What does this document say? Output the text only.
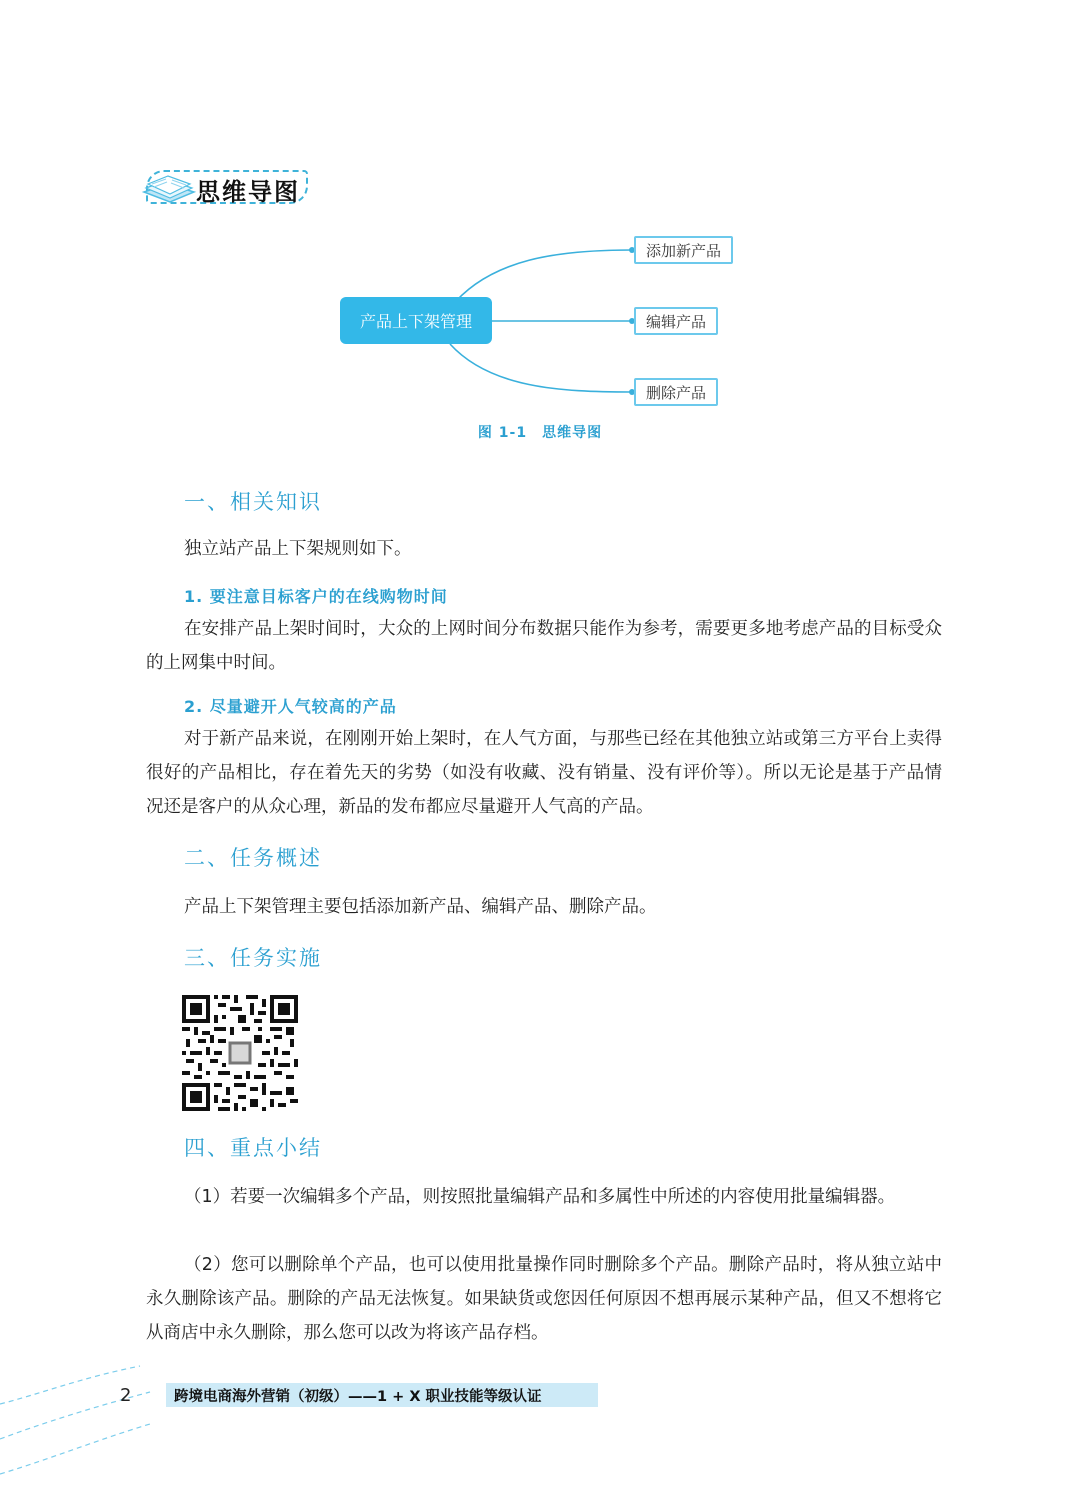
思维导图
产品上下架管理
添加新产品
编辑产品
删除产品
图 1-1　思维导图
一、相关知识
独立站产品上下架规则如下。
1. 要注意目标客户的在线购物时间
在安排产品上架时间时，大众的上网时间分布数据只能作为参考，需要更多地考虑产品的目标受众的上网集中时间。
2. 尽量避开人气较高的产品
对于新产品来说，在刚刚开始上架时，在人气方面，与那些已经在其他独立站或第三方平台上卖得很好的产品相比，存在着先天的劣势（如没有收藏、没有销量、没有评价等）。所以无论是基于产品情况还是客户的从众心理，新品的发布都应尽量避开人气高的产品。
二、任务概述
产品上下架管理主要包括添加新产品、编辑产品、删除产品。
三、任务实施
四、重点小结
（1）若要一次编辑多个产品，则按照批量编辑产品和多属性中所述的内容使用批量编辑器。
（2）您可以删除单个产品，也可以使用批量操作同时删除多个产品。删除产品时，将从独立站中永久删除该产品。删除的产品无法恢复。如果缺货或您因任何原因不想再展示某种产品，但又不想将它从商店中永久删除，那么您可以改为将该产品存档。
2	跨境电商海外营销（初级）——1 + X 职业技能等级认证
